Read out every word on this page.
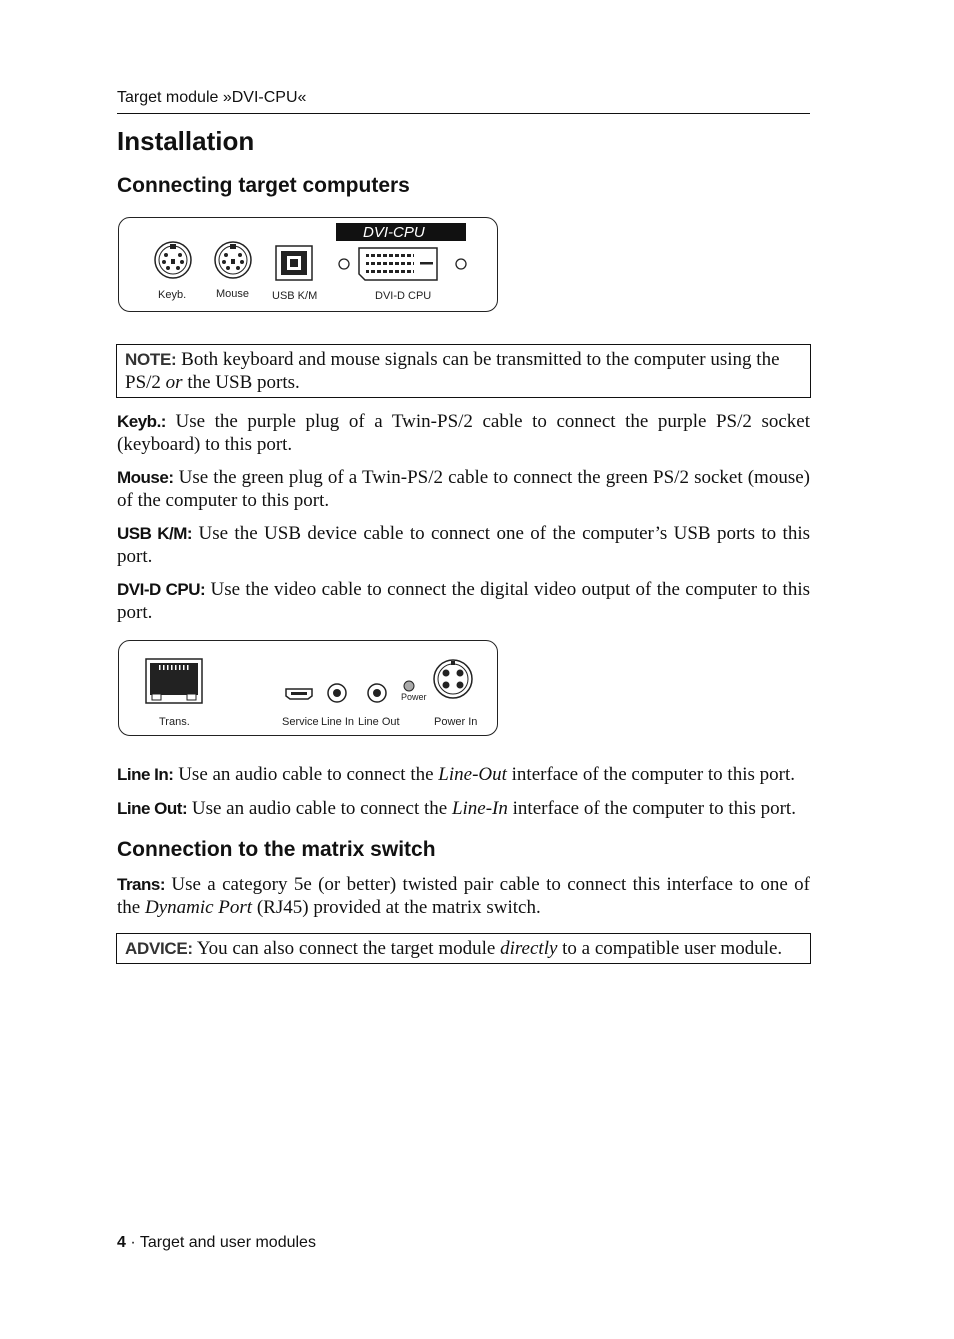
Target module »DVI-CPU«
Installation
Connecting target computers
DVI-CPU
Keyb.	Mouse USB K/M	DVI-D CPU
NOTE: Both keyboard and mouse signals can be transmitted to the computer using the PS/2 or the USB ports.
Keyb.: Use the purple plug of a Twin-PS/2 cable to connect the purple PS/2 socket (keyboard) to this port.
Mouse: Use the green plug of a Twin-PS/2 cable to connect the green PS/2 socket (mouse) of the computer to this port.
USB K/M: Use the USB device cable to connect one of the computer’s USB ports to this port.
DVI-D CPU: Use the video cable to connect the digital video output of the computer to this port.
Power
Trans.	Service Line In Line Out	Power In
Line In: Use an audio cable to connect the Line-Out interface of the computer to this port.
Line Out: Use an audio cable to connect the Line-In interface of the computer to this port.
Connection to the matrix switch
Trans: Use a category 5e (or better) twisted pair cable to connect this interface to one of the Dynamic Port (RJ45) provided at the matrix switch.
ADVICE: You can also connect the target module directly to a compatible user module.
4 · Target and user modules
